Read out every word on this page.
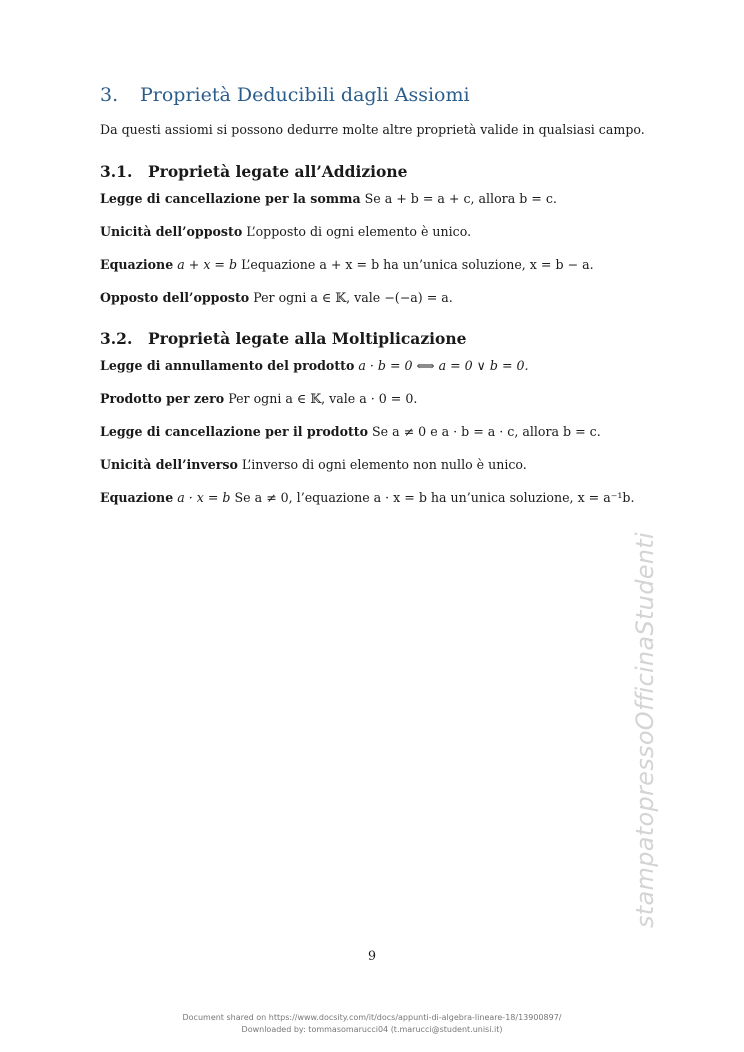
3. Proprietà Deducibili dagli Assiomi

Da questi assiomi si possono dedurre molte altre proprietà valide in qualsiasi campo.

3.1. Proprietà legate all’Addizione

Legge di cancellazione per la somma Se a + b = a + c, allora b = c.

Unicità dell’opposto L’opposto di ogni elemento è unico.

Equazione a + x = b L’equazione a + x = b ha un’unica soluzione, x = b − a.

Opposto dell’opposto Per ogni a ∈ 𝕂, vale −(−a) = a.

3.2. Proprietà legate alla Moltiplicazione

Legge di annullamento del prodotto a · b = 0 ⟺ a = 0 ∨ b = 0.

Prodotto per zero Per ogni a ∈ 𝕂, vale a · 0 = 0.

Legge di cancellazione per il prodotto Se a ≠ 0 e a · b = a · c, allora b = c.

Unicità dell’inverso L’inverso di ogni elemento non nullo è unico.

Equazione a · x = b Se a ≠ 0, l’equazione a · x = b ha un’unica soluzione, x = a⁻¹b.

stampatopressoOfficinaStudenti
9
Document shared on https://www.docsity.com/it/docs/appunti-di-algebra-lineare-18/13900897/
Downloaded by: tommasomarucci04 (t.marucci@student.unisi.it)
